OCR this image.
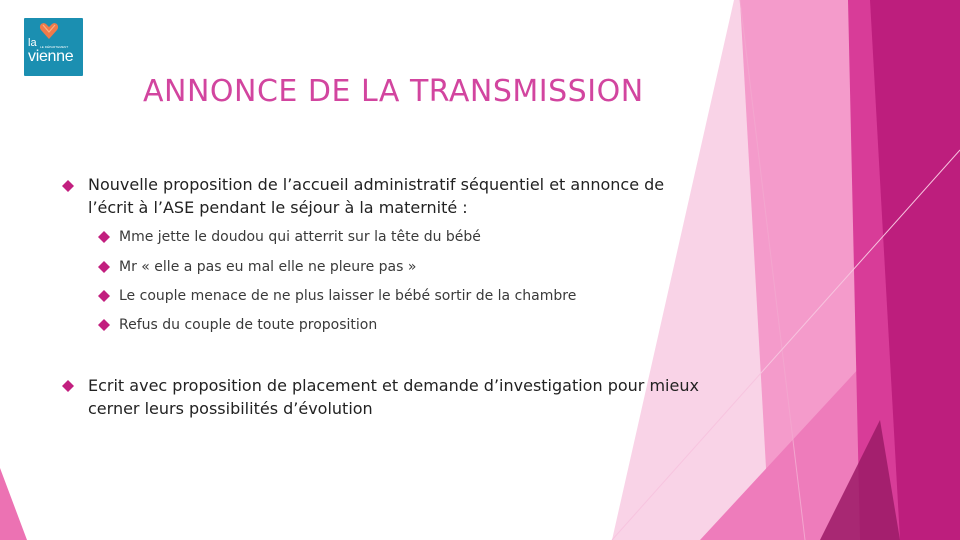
la LE DÉPARTEMENT
vienne
ANNONCE DE LA TRANSMISSION
Nouvelle proposition de l’accueil administratif séquentiel et annonce de
l’écrit à l’ASE pendant le séjour à la maternité :
Mme jette le doudou qui atterrit sur la tête du bébé
Mr « elle a pas eu mal elle ne pleure pas »
Le couple menace de ne plus laisser le bébé sortir de la chambre
Refus du couple de toute proposition
Ecrit avec proposition de placement et demande d’investigation pour mieux
cerner leurs possibilités d’évolution
